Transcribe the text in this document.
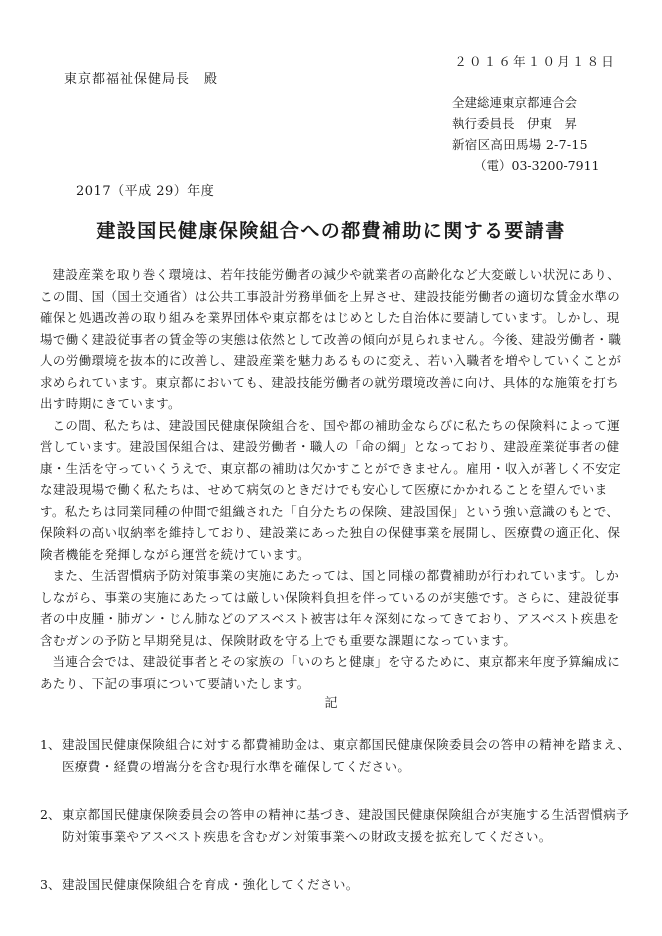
２０１６年１０月１８日
東京都福祉保健局長　殿
全建総連東京都連合会
執行委員長　伊東　昇
新宿区高田馬場 2-7-15
（電）03-3200-7911
2017（平成 29）年度
建設国民健康保険組合への都費補助に関する要請書

建設産業を取り巻く環境は、若年技能労働者の減少や就業者の高齢化など大変厳しい状況にあり、この間、国（国土交通省）は公共工事設計労務単価を上昇させ、建設技能労働者の適切な賃金水準の確保と処遇改善の取り組みを業界団体や東京都をはじめとした自治体に要請しています。しかし、現場で働く建設従事者の賃金等の実態は依然として改善の傾向が見られません。今後、建設労働者・職人の労働環境を抜本的に改善し、建設産業を魅力あるものに変え、若い入職者を増やしていくことが求められています。東京都においても、建設技能労働者の就労環境改善に向け、具体的な施策を打ち出す時期にきています。

この間、私たちは、建設国民健康保険組合を、国や都の補助金ならびに私たちの保険料によって運営しています。建設国保組合は、建設労働者・職人の「命の綱」となっており、建設産業従事者の健康・生活を守っていくうえで、東京都の補助は欠かすことができません。雇用・収入が著しく不安定な建設現場で働く私たちは、せめて病気のときだけでも安心して医療にかかれることを望んでいます。私たちは同業同種の仲間で組織された「自分たちの保険、建設国保」という強い意識のもとで、保険料の高い収納率を維持しており、建設業にあった独自の保健事業を展開し、医療費の適正化、保険者機能を発揮しながら運営を続けています。

また、生活習慣病予防対策事業の実施にあたっては、国と同様の都費補助が行われています。しかしながら、事業の実施にあたっては厳しい保険料負担を伴っているのが実態です。さらに、建設従事者の中皮腫・肺ガン・じん肺などのアスベスト被害は年々深刻になってきており、アスベスト疾患を含むガンの予防と早期発見は、保険財政を守る上でも重要な課題になっています。

当連合会では、建設従事者とその家族の「いのちと健康」を守るために、東京都来年度予算編成にあたり、下記の事項について要請いたします。

記
1、 建設国民健康保険組合に対する都費補助金は、東京都国民健康保険委員会の答申の精神を踏まえ、医療費・経費の増嵩分を含む現行水準を確保してください。
2、 東京都国民健康保険委員会の答申の精神に基づき、建設国民健康保険組合が実施する生活習慣病予防対策事業やアスベスト疾患を含むガン対策事業への財政支援を拡充してください。
3、 建設国民健康保険組合を育成・強化してください。
